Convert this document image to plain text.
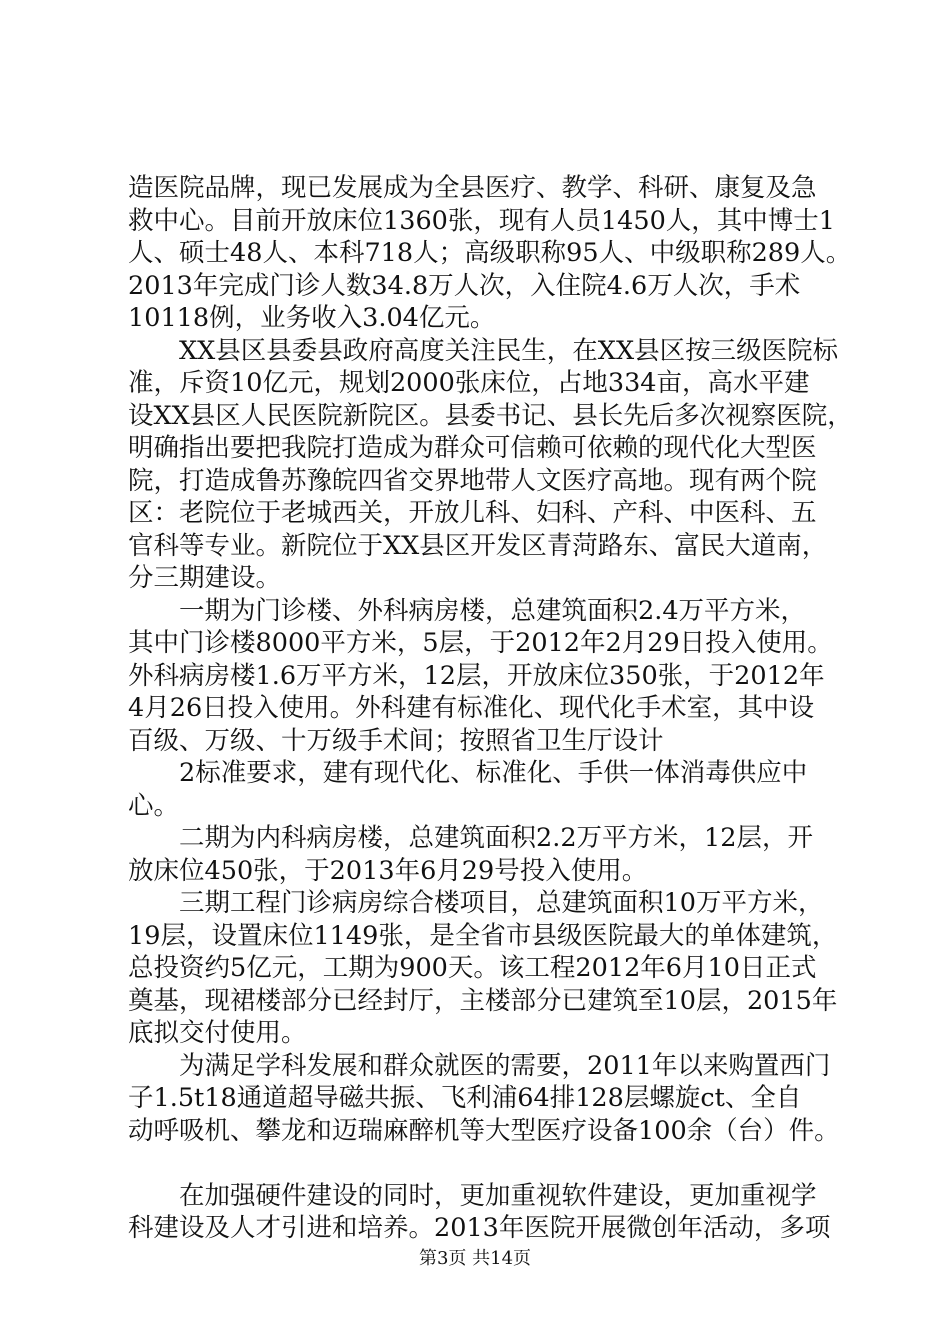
造医院品牌，现已发展成为全县医疗、教学、科研、康复及急
救中心。目前开放床位1360张，现有人员1450人，其中博士1
人、硕士48人、本科718人；高级职称95人、中级职称289人。
2013年完成门诊人数34.8万人次，入住院4.6万人次，手术
10118例，业务收入3.04亿元。
　　XX县区县委县政府高度关注民生，在XX县区按三级医院标
准，斥资10亿元，规划2000张床位，占地334亩，高水平建
设XX县区人民医院新院区。县委书记、县长先后多次视察医院，
明确指出要把我院打造成为群众可信赖可依赖的现代化大型医
院，打造成鲁苏豫皖四省交界地带人文医疗高地。现有两个院
区：老院位于老城西关，开放儿科、妇科、产科、中医科、五
官科等专业。新院位于XX县区开发区青菏路东、富民大道南，
分三期建设。
　　一期为门诊楼、外科病房楼，总建筑面积2.4万平方米，
其中门诊楼8000平方米，5层，于2012年2月29日投入使用。
外科病房楼1.6万平方米，12层，开放床位350张，于2012年
4月26日投入使用。外科建有标准化、现代化手术室，其中设
百级、万级、十万级手术间；按照省卫生厅设计
　　2标准要求，建有现代化、标准化、手供一体消毒供应中
心。
　　二期为内科病房楼，总建筑面积2.2万平方米，12层，开
放床位450张，于2013年6月29号投入使用。
　　三期工程门诊病房综合楼项目，总建筑面积10万平方米，
19层，设置床位1149张，是全省市县级医院最大的单体建筑，
总投资约5亿元，工期为900天。该工程2012年6月10日正式
奠基，现裙楼部分已经封厅，主楼部分已建筑至10层，2015年
底拟交付使用。
　　为满足学科发展和群众就医的需要，2011年以来购置西门
子1.5t18通道超导磁共振、飞利浦64排128层螺旋ct、全自
动呼吸机、攀龙和迈瑞麻醉机等大型医疗设备100余（台）件。
　　在加强硬件建设的同时，更加重视软件建设，更加重视学
科建设及人才引进和培养。2013年医院开展微创年活动，多项
第3页 共14页
